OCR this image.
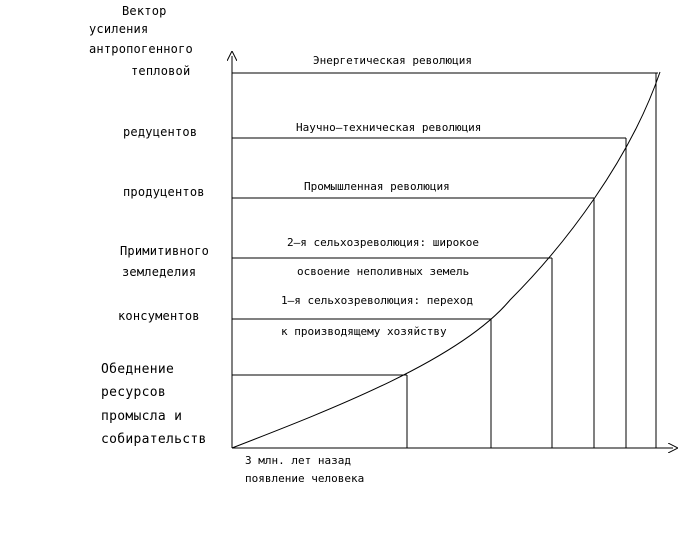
Вектор
усиления
антропогенного
тепловой
редуцентов
продуцентов
Примитивного
земледелия
консументов
Обеднение
ресурсов
промысла и
собирательств
Энергетическая революция
Научно–техническая революция
Промышленная революция
2–я сельхозреволюция: широкое
освоение неполивных земель
1–я сельхозреволюция: переход
к производящему хозяйству
3 млн. лет назад
появление человека
